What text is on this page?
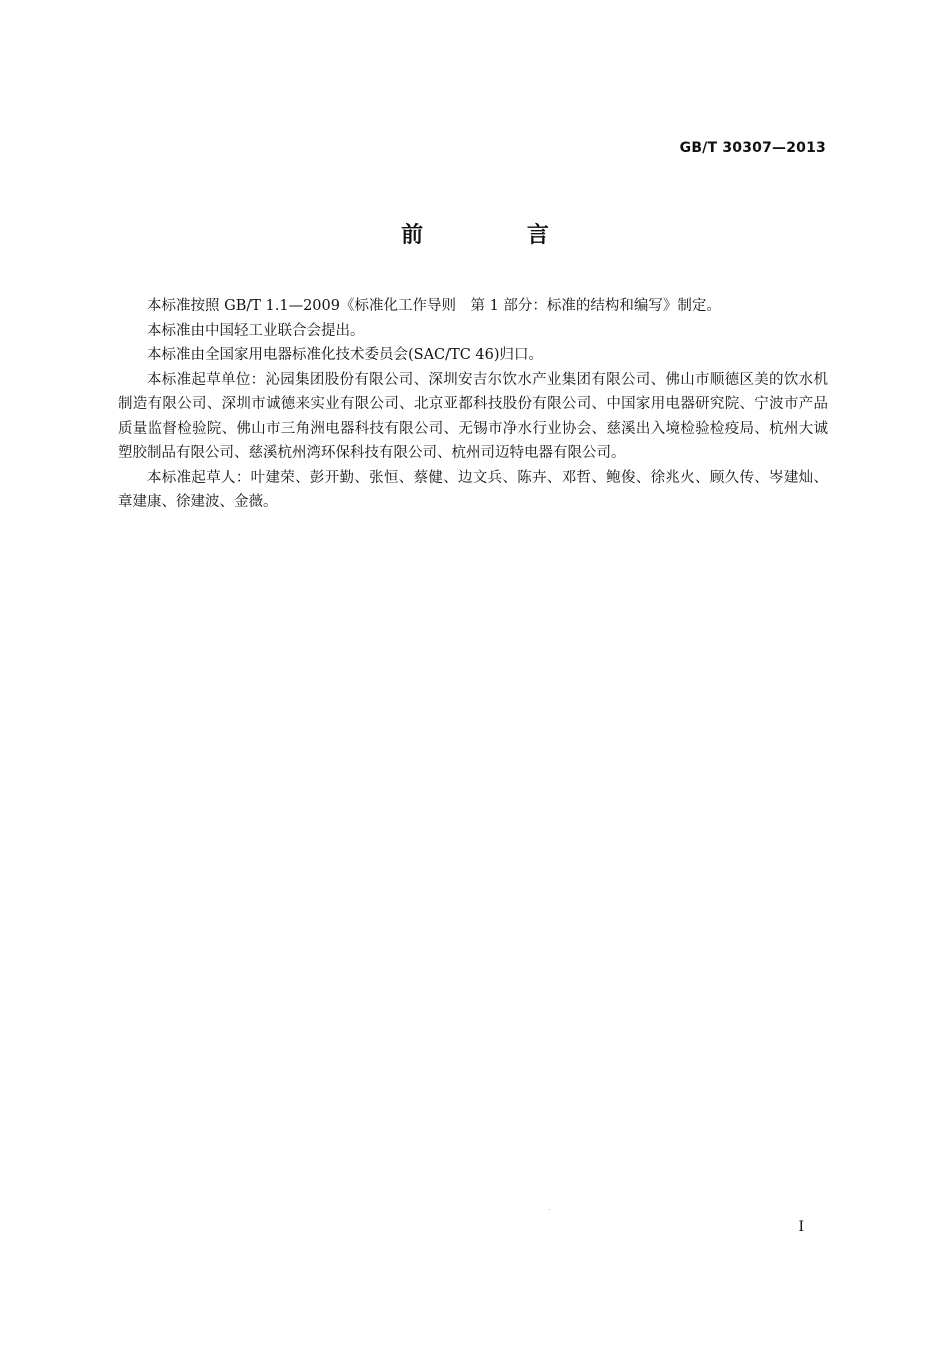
GB/T 30307—2013
前 言

本标准按照 GB/T 1.1—2009《标准化工作导则　第 1 部分：标准的结构和编写》制定。

本标准由中国轻工业联合会提出。

本标准由全国家用电器标准化技术委员会(SAC/TC 46)归口。

本标准起草单位：沁园集团股份有限公司、深圳安吉尔饮水产业集团有限公司、佛山市顺德区美的饮水机制造有限公司、深圳市诚德来实业有限公司、北京亚都科技股份有限公司、中国家用电器研究院、宁波市产品质量监督检验院、佛山市三角洲电器科技有限公司、无锡市净水行业协会、慈溪出入境检验检疫局、杭州大诚塑胶制品有限公司、慈溪杭州湾环保科技有限公司、杭州司迈特电器有限公司。

本标准起草人：叶建荣、彭开勤、张恒、蔡健、边文兵、陈卉、邓哲、鲍俊、徐兆火、顾久传、岑建灿、章建康、徐建波、金薇。

I
